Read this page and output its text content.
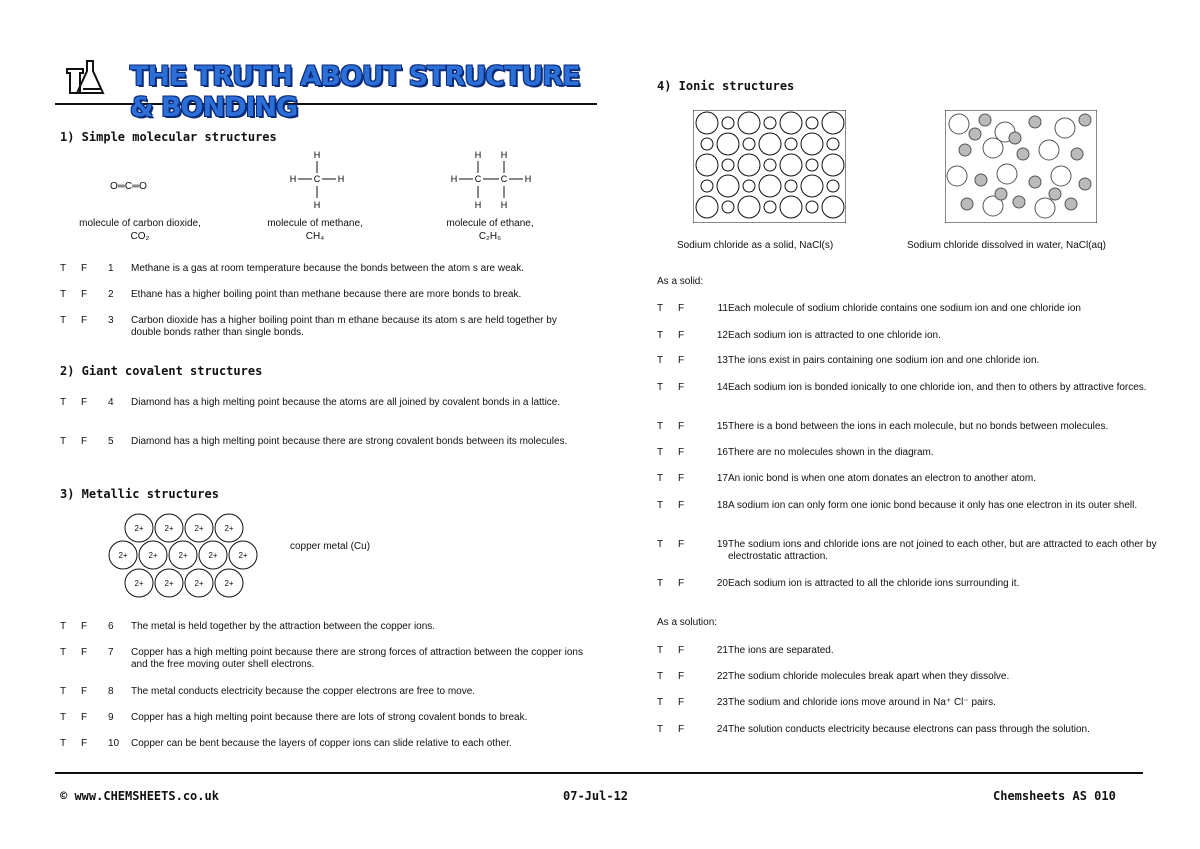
THE TRUTH ABOUT STRUCTURE & BONDING
1) Simple molecular structures
O═C═O
H
H C H
H
H H
H C C H
H H
molecule of carbon dioxide,
CO₂
molecule of methane,
CH₄
molecule of ethane,
C₂H₆
2) Giant covalent structures
3) Metallic structures
2+	2+	2+	2+
2+	2+	2+	2+	2+
2+	2+	2+	2+
copper metal (Cu)
4) Ionic structures
Sodium chloride as a solid, NaCl(s)	Sodium chloride dissolved in water, NaCl(aq)
As a solid:
As a solution:
T F 1	Methane is a gas at room temperature because the bonds between the atom s are weak.
T F 2	Ethane has a higher boiling point than methane because there are more bonds to break.
T F 3	Carbon dioxide has a higher boiling point than m ethane because its atom s are held together by double bonds rather than single bonds.
T F 4	Diamond has a high melting point because the atoms are all joined by covalent bonds in a lattice.
T F 5	Diamond has a high melting point because there are strong covalent bonds between its molecules.
T F 6	The metal is held together by the attraction between the copper ions.
T F 7	Copper has a high melting point because there are strong forces of attraction between the copper ions and the free moving outer shell electrons.
T F 8	The metal conducts electricity because the copper electrons are free to move.
T F 9	Copper has a high melting point because there are lots of strong covalent bonds to break.
T F 10	Copper can be bent because the layers of copper ions can slide relative to each other.
T F	11 Each molecule of sodium chloride contains one sodium ion and one chloride ion
T F	12 Each sodium ion is attracted to one chloride ion.
T F	13 The ions exist in pairs containing one sodium ion and one chloride ion.
T F	14 Each sodium ion is bonded ionically to one chloride ion, and then to others by attractive forces.
T F	15 There is a bond between the ions in each molecule, but no bonds between molecules.
T F	16 There are no molecules shown in the diagram.
T F	17 An ionic bond is when one atom donates an electron to another atom.
T F	18 A sodium ion can only form one ionic bond because it only has one electron in its outer shell.
T F	19 The sodium ions and chloride ions are not joined to each other, but are attracted to each other by electrostatic attraction.
T F	20 Each sodium ion is attracted to all the chloride ions surrounding it.
T F	21 The ions are separated.
T F	22 The sodium chloride molecules break apart when they dissolve.
T F	23 The sodium and chloride ions move around in Na⁺ Cl⁻ pairs.
T F	24 The solution conducts electricity because electrons can pass through the solution.
© www.CHEMSHEETS.co.uk	07-Jul-12	Chemsheets AS 010
